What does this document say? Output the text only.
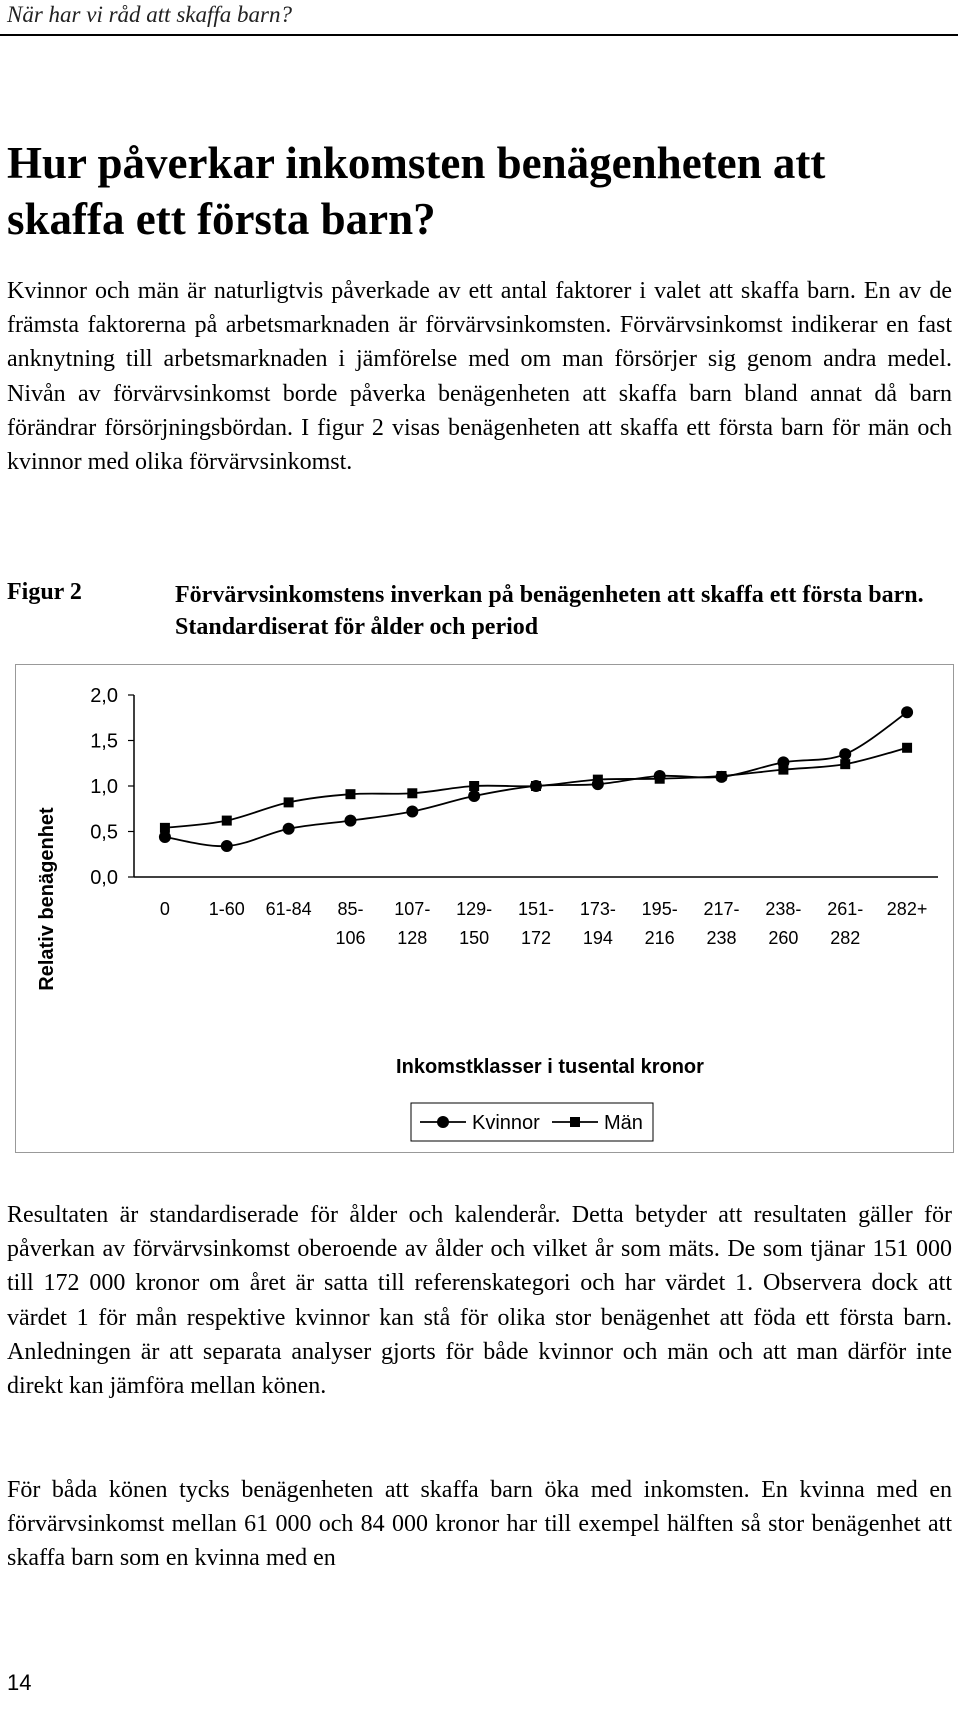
När har vi råd att skaffa barn?
Hur påverkar inkomsten benägenheten att skaffa ett första barn?

Kvinnor och män är naturligtvis påverkade av ett antal faktorer i valet att skaffa barn. En av de främsta faktorerna på arbetsmarknaden är förvärvsinkomsten. Förvärvsinkomst indikerar en fast anknytning till arbetsmarknaden i jämförelse med om man försörjer sig genom andra medel. Nivån av förvärvsinkomst borde påverka benägenheten att skaffa barn bland annat då barn förändrar försörjningsbördan. I figur 2 visas benägenheten att skaffa ett första barn för män och kvinnor med olika förvärvsinkomst.

Figur 2	Förvärvsinkomstens inverkan på benägenheten att skaffa ett första barn. Standardiserat för ålder och period
0,0
0,5
1,0
1,5
2,0
0 1-60 61-84 85-106
107-128
129-150
151-172
173-194
195-216
217-238
238-260
261-282
282+
Relativ benägenhet
Inkomstklasser i tusental kronor
Kvinnor	Män

Resultaten är standardiserade för ålder och kalenderår. Detta betyder att resultaten gäller för påverkan av förvärvsinkomst oberoende av ålder och vilket år som mäts. De som tjänar 151 000 till 172 000 kronor om året är satta till referenskategori och har värdet 1. Observera dock att värdet 1 för mån respektive kvinnor kan stå för olika stor benägenhet att föda ett första barn. Anledningen är att separata analyser gjorts för både kvinnor och män och att man därför inte direkt kan jämföra mellan könen.

För båda könen tycks benägenheten att skaffa barn öka med inkomsten. En kvinna med en förvärvsinkomst mellan 61 000 och 84 000 kronor har till exempel hälften så stor benägenhet att skaffa barn som en kvinna med en

14
